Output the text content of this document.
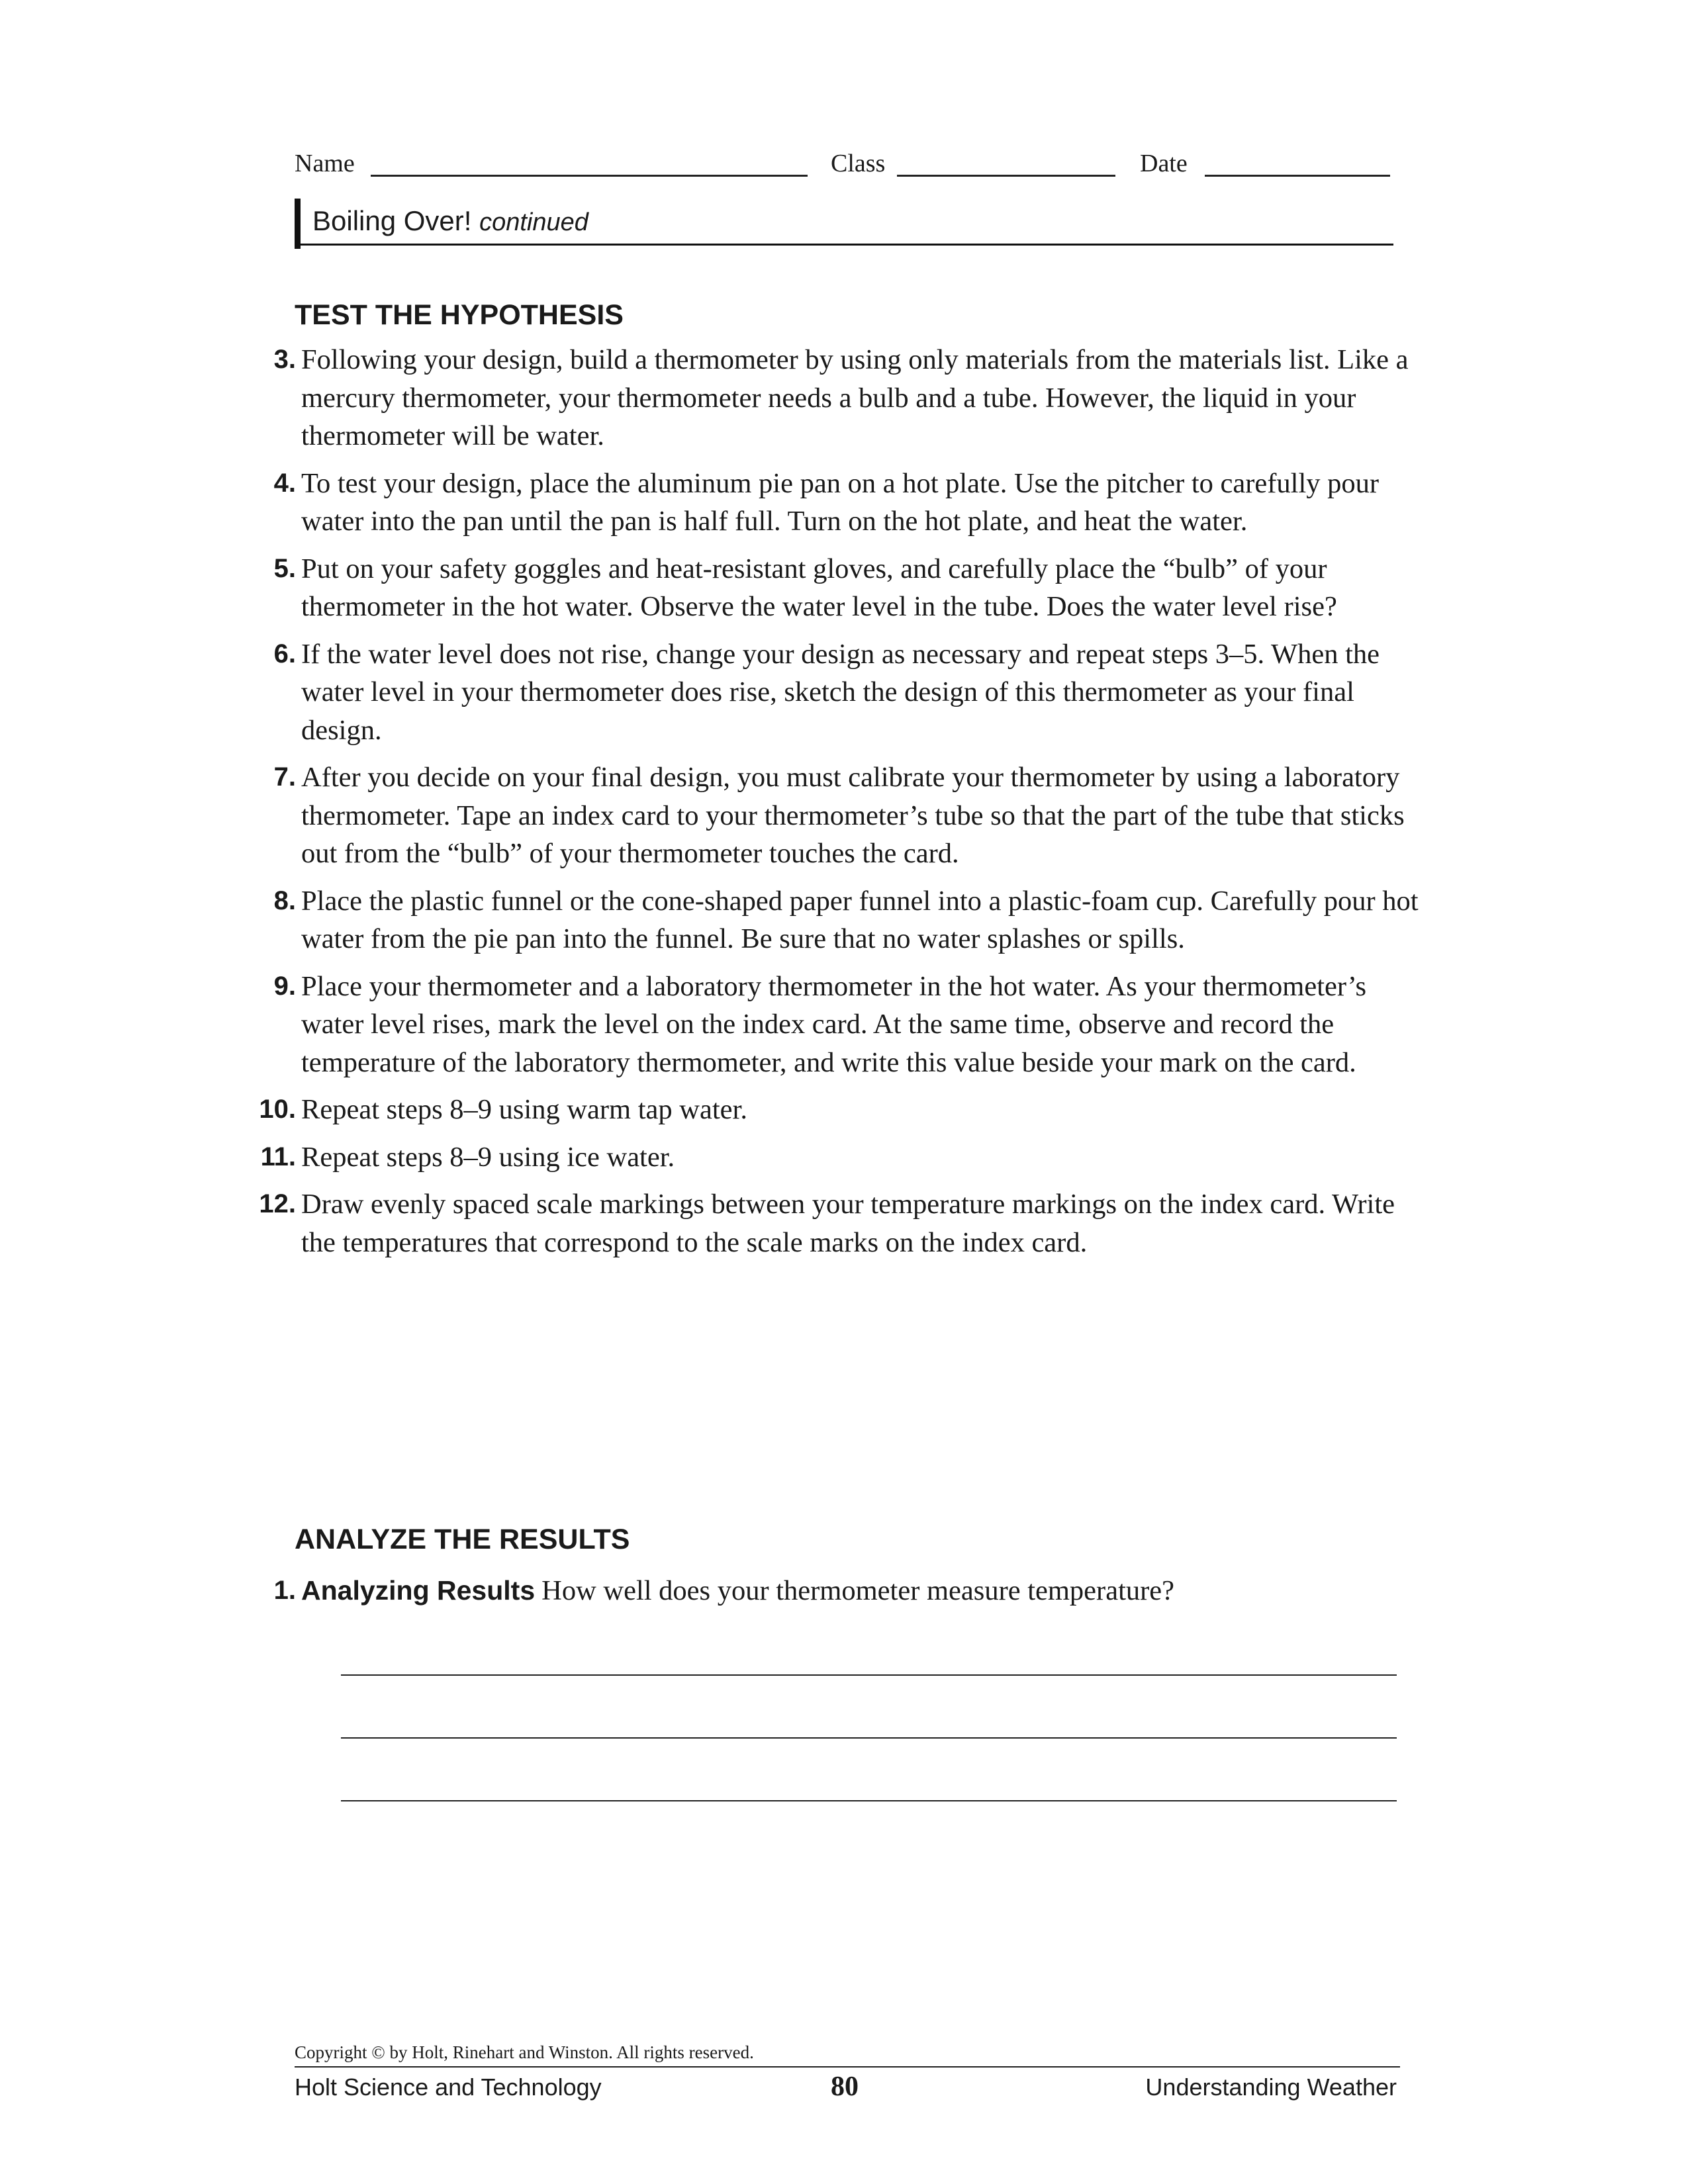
Name	Class	Date
Boiling Over! continued
TEST THE HYPOTHESIS
3. Following your design, build a thermometer by using only materials from the materials list. Like a mercury thermometer, your thermometer needs a bulb and a tube. However, the liquid in your thermometer will be water.
4. To test your design, place the aluminum pie pan on a hot plate. Use the pitcher to carefully pour water into the pan until the pan is half full. Turn on the hot plate, and heat the water.
5. Put on your safety goggles and heat-resistant gloves, and carefully place the “bulb” of your thermometer in the hot water. Observe the water level in the tube. Does the water level rise?
6. If the water level does not rise, change your design as necessary and repeat steps 3–5. When the water level in your thermometer does rise, sketch the design of this thermometer as your final design.
7. After you decide on your final design, you must calibrate your thermometer by using a laboratory thermometer. Tape an index card to your thermometer’s tube so that the part of the tube that sticks out from the “bulb” of your thermometer touches the card.
8. Place the plastic funnel or the cone-shaped paper funnel into a plastic-foam cup. Carefully pour hot water from the pie pan into the funnel. Be sure that no water splashes or spills.
9. Place your thermometer and a laboratory thermometer in the hot water. As your thermometer’s water level rises, mark the level on the index card. At the same time, observe and record the temperature of the laboratory thermometer, and write this value beside your mark on the card.
10. Repeat steps 8–9 using warm tap water.
11. Repeat steps 8–9 using ice water.
12. Draw evenly spaced scale markings between your temperature markings on the index card. Write the temperatures that correspond to the scale marks on the index card.
ANALYZE THE RESULTS
1. Analyzing Results How well does your thermometer measure temperature?
Copyright © by Holt, Rinehart and Winston. All rights reserved.
Holt Science and Technology	80	Understanding Weather
